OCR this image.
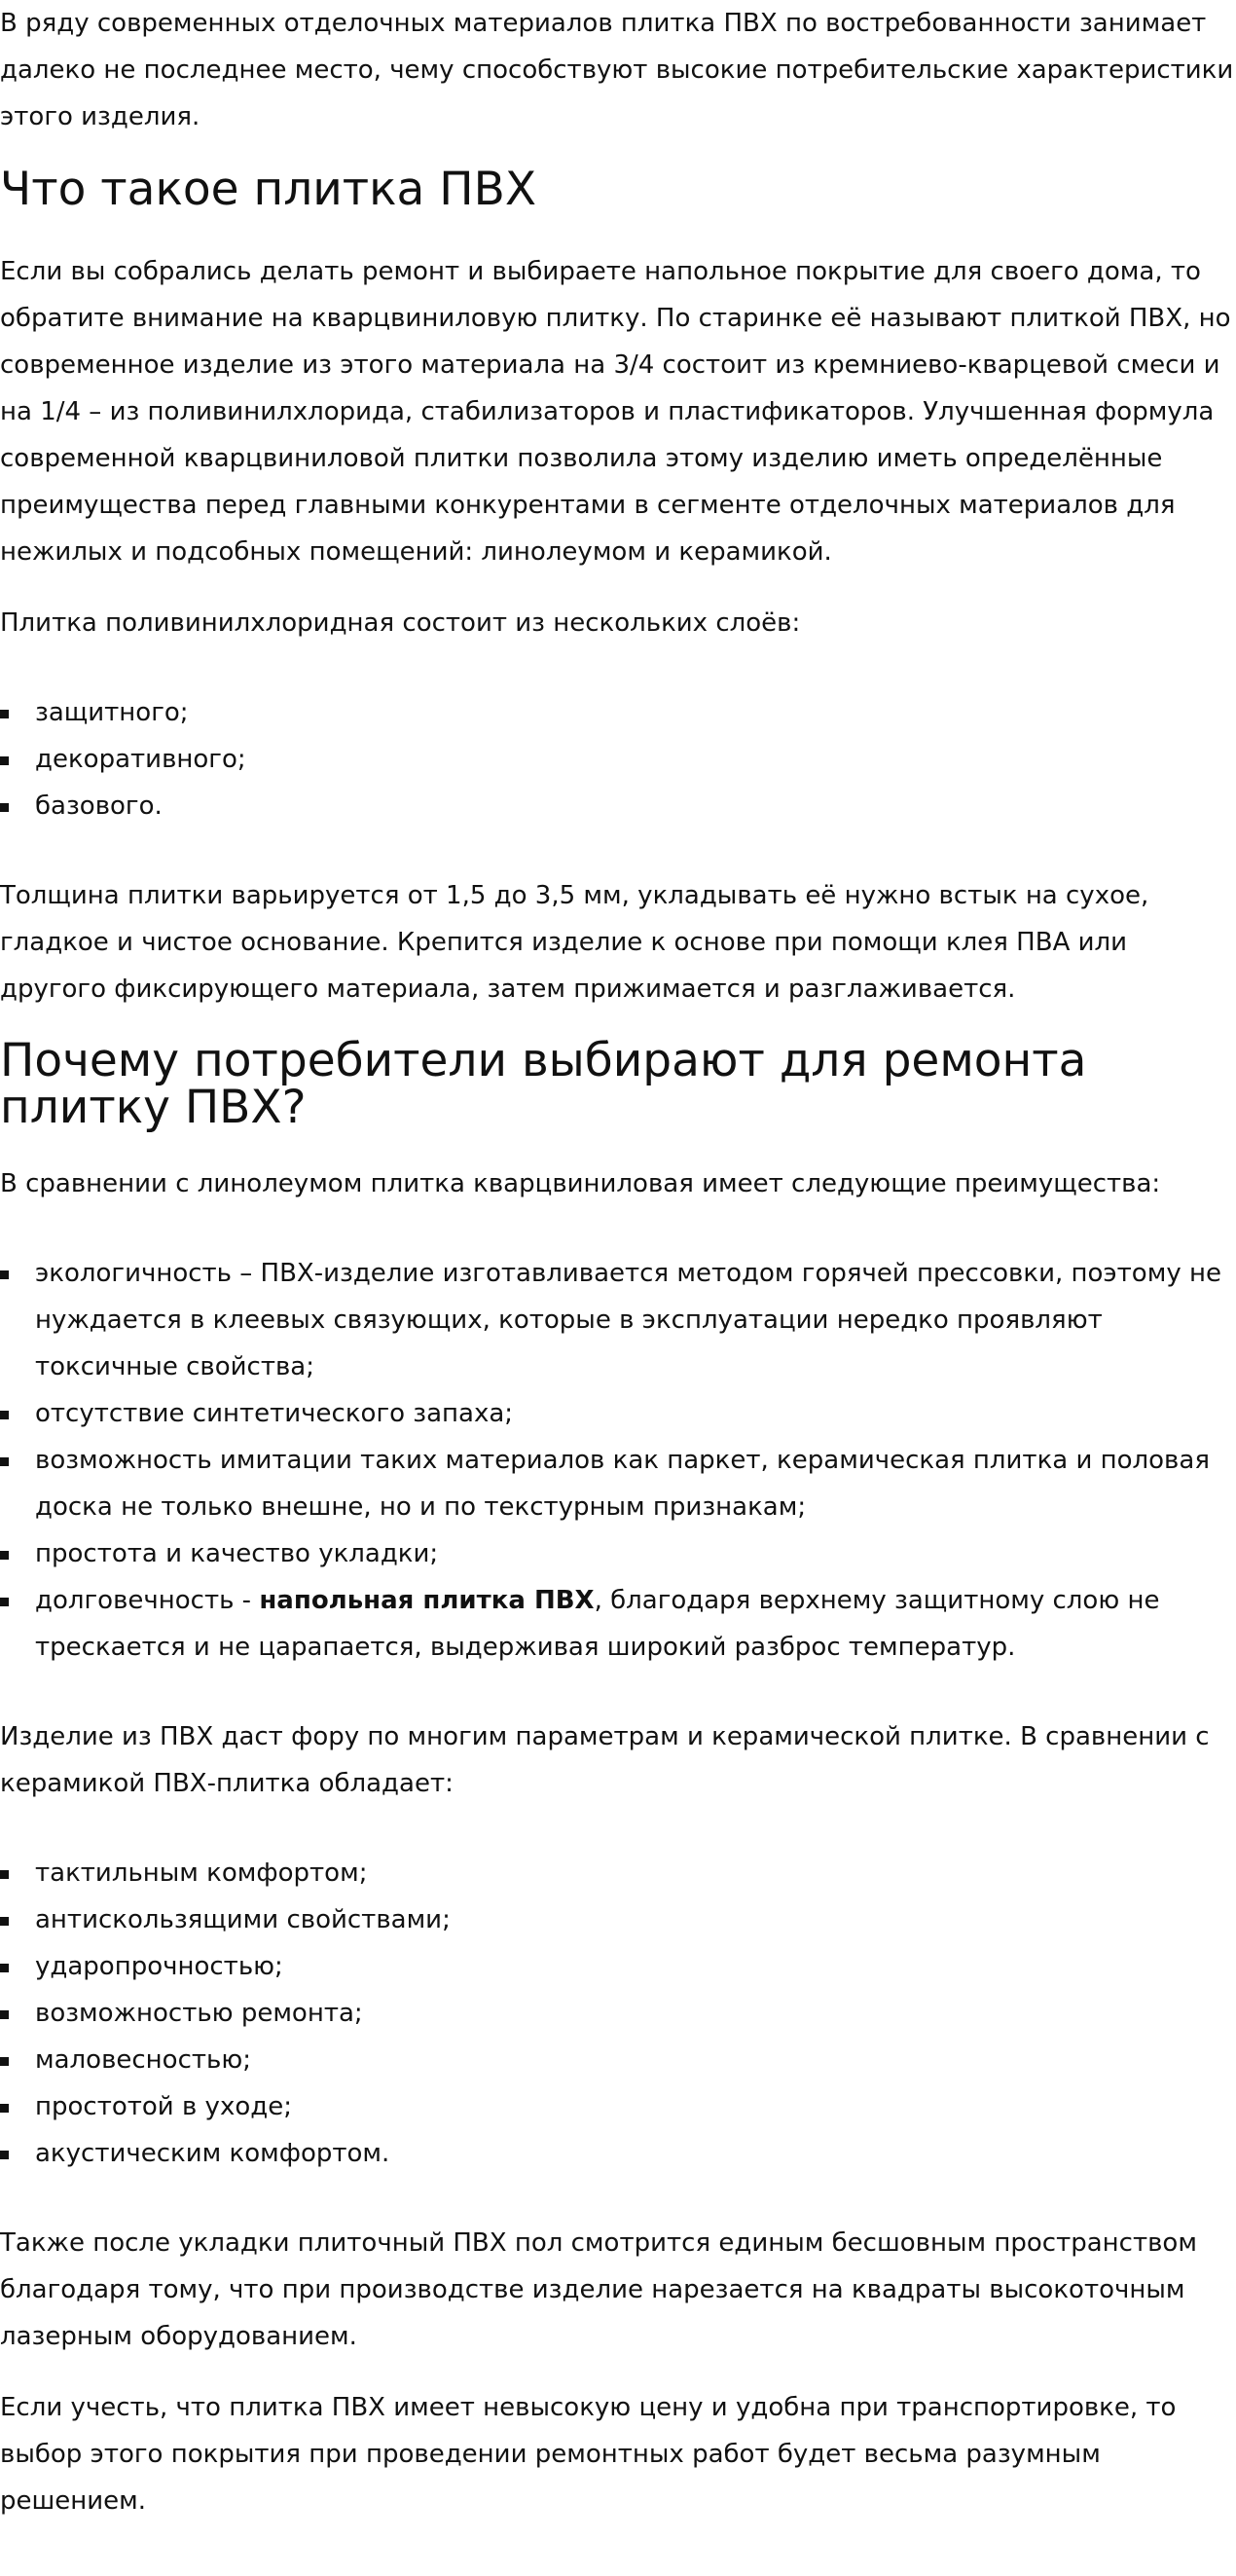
В ряду современных отделочных материалов плитка ПВХ по востребованности занимает далеко не последнее место, чему способствуют высокие потребительские характеристики этого изделия.

Что такое плитка ПВХ

Если вы собрались делать ремонт и выбираете напольное покрытие для своего дома, то обратите внимание на кварцвиниловую плитку. По старинке её называют плиткой ПВХ, но современное изделие из этого материала на 3/4 состоит из кремниево-кварцевой смеси и на 1/4 – из поливинилхлорида, стабилизаторов и пластификаторов. Улучшенная формула современной кварцвиниловой плитки позволила этому изделию иметь определённые преимущества перед главными конкурентами в сегменте отделочных материалов для нежилых и подсобных помещений: линолеумом и керамикой.

Плитка поливинилхлоридная состоит из нескольких слоёв:

защитного;
декоративного;
базового.

Толщина плитки варьируется от 1,5 до 3,5 мм, укладывать её нужно встык на сухое, гладкое и чистое основание. Крепится изделие к основе при помощи клея ПВА или другого фиксирующего материала, затем прижимается и разглаживается.

Почему потребители выбирают для ремонта плитку ПВХ?

В сравнении с линолеумом плитка кварцвиниловая имеет следующие преимущества:

экологичность – ПВХ-изделие изготавливается методом горячей прессовки, поэтому не нуждается в клеевых связующих, которые в эксплуатации нередко проявляют токсичные свойства;
отсутствие синтетического запаха;
возможность имитации таких материалов как паркет, керамическая плитка и половая доска не только внешне, но и по текстурным признакам;
простота и качество укладки;
долговечность - напольная плитка ПВХ, благодаря верхнему защитному слою не трескается и не царапается, выдерживая широкий разброс температур.

Изделие из ПВХ даст фору по многим параметрам и керамической плитке. В сравнении с керамикой ПВХ-плитка обладает:

тактильным комфортом;
антискользящими свойствами;
ударопрочностью;
возможностью ремонта;
маловесностью;
простотой в уходе;
акустическим комфортом.

Также после укладки плиточный ПВХ пол смотрится единым бесшовным пространством благодаря тому, что при производстве изделие нарезается на квадраты высокоточным лазерным оборудованием.

Если учесть, что плитка ПВХ имеет невысокую цену и удобна при транспортировке, то выбор этого покрытия при проведении ремонтных работ будет весьма разумным решением.
